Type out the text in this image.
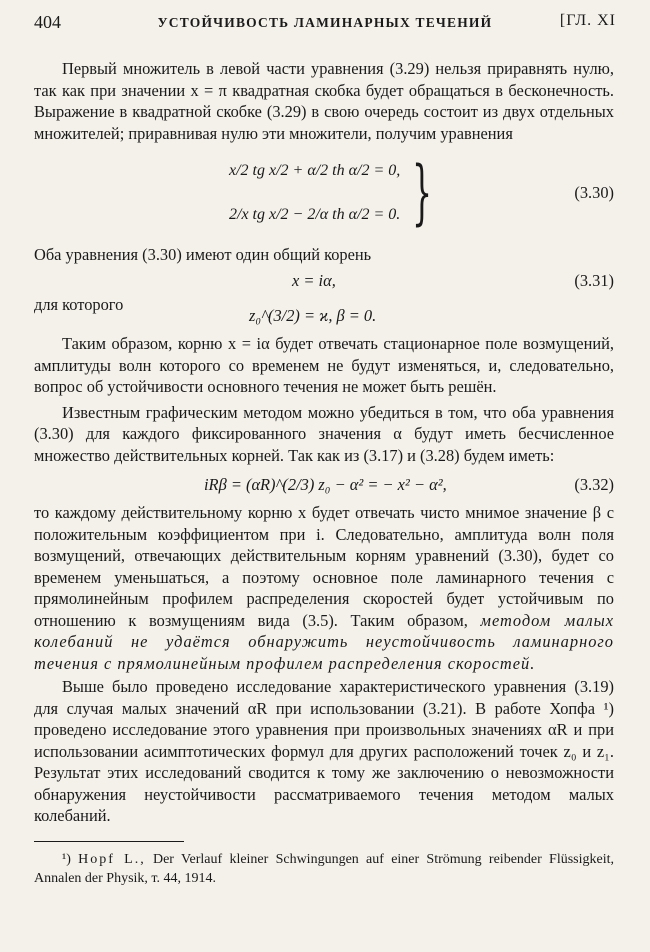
404	УСТОЙЧИВОСТЬ ЛАМИНАРНЫХ ТЕЧЕНИЙ	[ГЛ. XI

Первый множитель в левой части уравнения (3.29) нельзя приравнять нулю, так как при значении x = π квадратная скобка будет обращаться в бесконечность. Выражение в квадратной скобке (3.29) в свою очередь состоит из двух отдельных множителей; приравнивая нулю эти множители, получим уравнения

x/2 tg x/2 + α/2 th α/2 = 0,
2/x tg x/2 − 2/α th α/2 = 0. }	(3.30)

Оба уравнения (3.30) имеют один общий корень

x = iα,	(3.31)

для которого

z₀^(3/2) = ϰ, β = 0.

Таким образом, корню x = iα будет отвечать стационарное поле возмущений, амплитуды волн которого со временем не будут изменяться, и, следовательно, вопрос об устойчивости основного течения не может быть решён.

Известным графическим методом можно убедиться в том, что оба уравнения (3.30) для каждого фиксированного значения α будут иметь бесчисленное множество действительных корней. Так как из (3.17) и (3.28) будем иметь:

iRβ = (αR)^(2/3) z₀ − α² = − x² − α²,	(3.32)

то каждому действительному корню x будет отвечать чисто мнимое значение β с положительным коэффициентом при i. Следовательно, амплитуда волн поля возмущений, отвечающих действительным корням уравнений (3.30), будет со временем уменьшаться, а поэтому основное поле ламинарного течения с прямолинейным профилем распределения скоростей будет устойчивым по отношению к возмущениям вида (3.5). Таким образом, методом малых колебаний не удаётся обнаружить неустойчивость ламинарного течения с прямолинейным профилем распределения скоростей.

Выше было проведено исследование характеристического уравнения (3.19) для случая малых значений αR при использовании (3.21). В работе Хопфа ¹) проведено исследование этого уравнения при произвольных значениях αR и при использовании асимптотических формул для других расположений точек z₀ и z₁. Результат этих исследований сводится к тому же заключению о невозможности обнаружения неустойчивости рассматриваемого течения методом малых колебаний.

¹) Hopf L., Der Verlauf kleiner Schwingungen auf einer Strömung reibender Flüssigkeit, Annalen der Physik, т. 44, 1914.
